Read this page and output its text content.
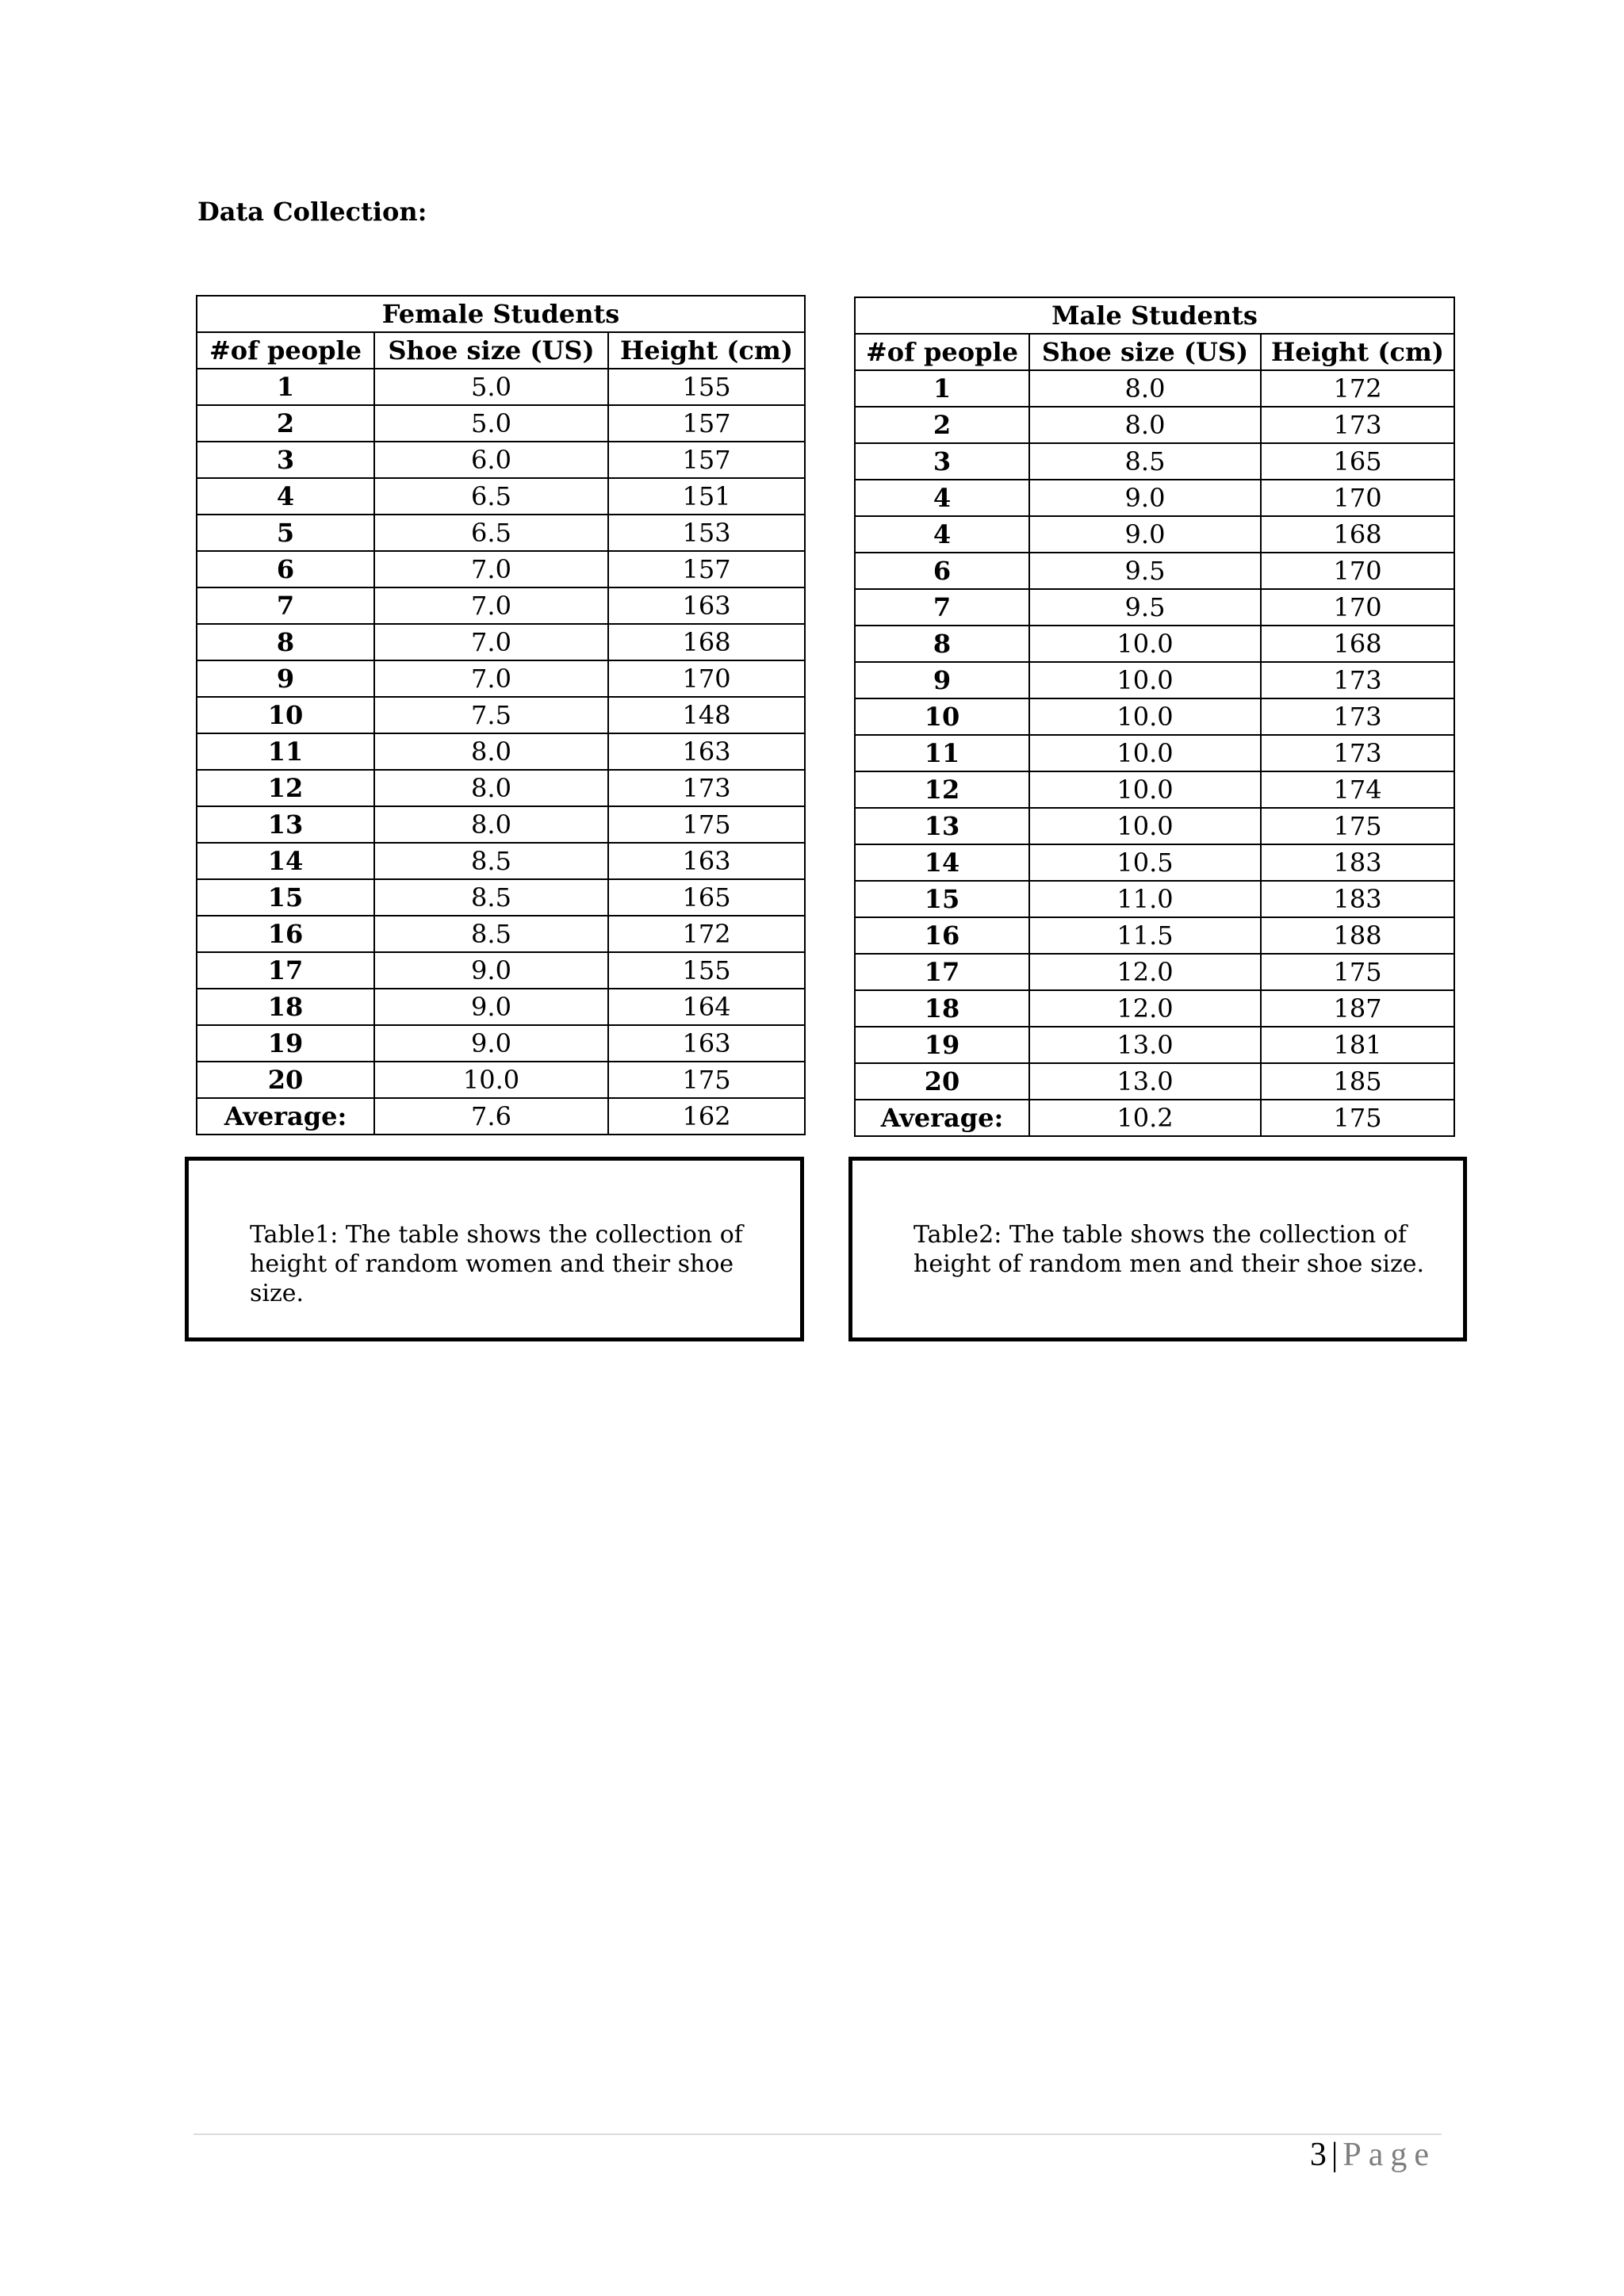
Data Collection:
Female Students		
#of people	Shoe size (US)	Height (cm)
1	5.0	155
2	5.0	157
3	6.0	157
4	6.5	151
5	6.5	153
6	7.0	157
7	7.0	163
8	7.0	168
9	7.0	170
10	7.5	148
11	8.0	163
12	8.0	173
13	8.0	175
14	8.5	163
15	8.5	165
16	8.5	172
17	9.0	155
18	9.0	164
19	9.0	163
20	10.0	175
Average:	7.6	162
Male Students		
#of people	Shoe size (US)	Height (cm)
1	8.0	172
2	8.0	173
3	8.5	165
4	9.0	170
4	9.0	168
6	9.5	170
7	9.5	170
8	10.0	168
9	10.0	173
10	10.0	173
11	10.0	173
12	10.0	174
13	10.0	175
14	10.5	183
15	11.0	183
16	11.5	188
17	12.0	175
18	12.0	187
19	13.0	181
20	13.0	185
Average:	10.2	175

Table1: The table shows the collection of height of random women and their shoe size.

Table2: The table shows the collection of height of random men and their shoe size.

3 | Page
